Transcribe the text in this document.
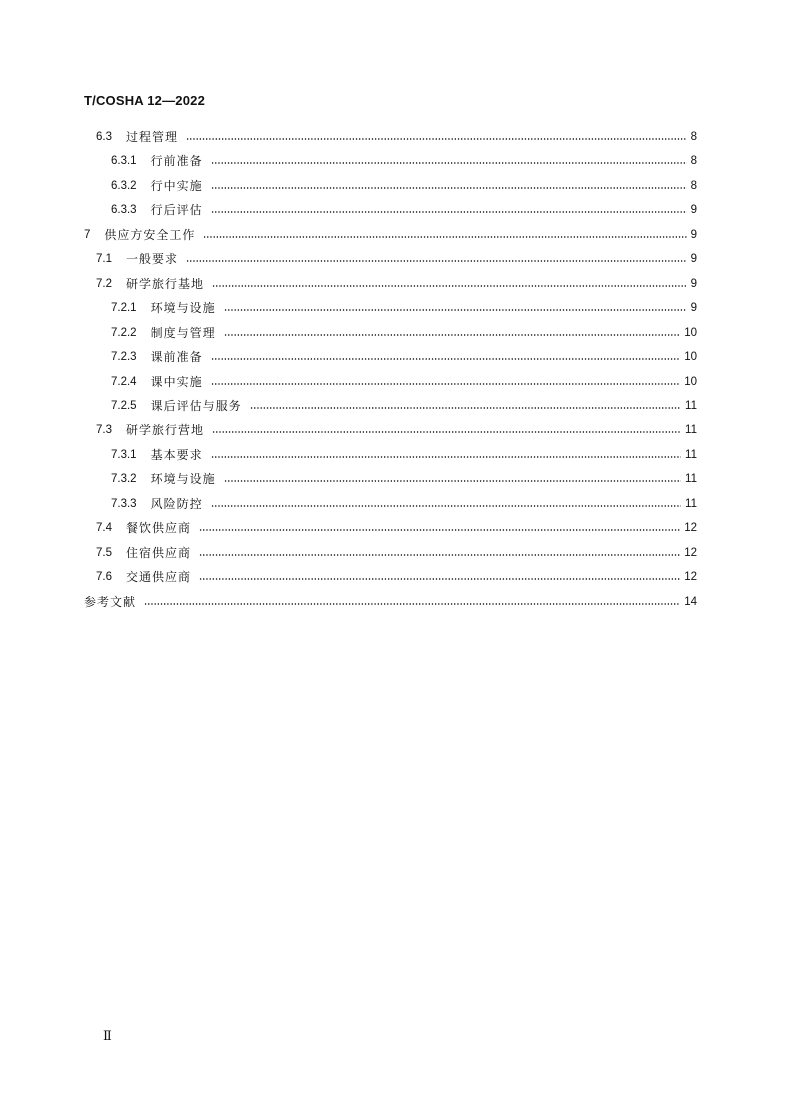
T/COSHA 12—2022
6.3 过程管理	8
6.3.1 行前准备	8
6.3.2 行中实施	8
6.3.3 行后评估	9
7 供应方安全工作	9
7.1 一般要求	9
7.2 研学旅行基地	9
7.2.1 环境与设施	9
7.2.2 制度与管理	10
7.2.3 课前准备	10
7.2.4 课中实施	10
7.2.5 课后评估与服务	11
7.3 研学旅行营地	11
7.3.1 基本要求	11
7.3.2 环境与设施	11
7.3.3 风险防控	11
7.4 餐饮供应商	12
7.5 住宿供应商	12
7.6 交通供应商	12
参考文献	14
Ⅱ
